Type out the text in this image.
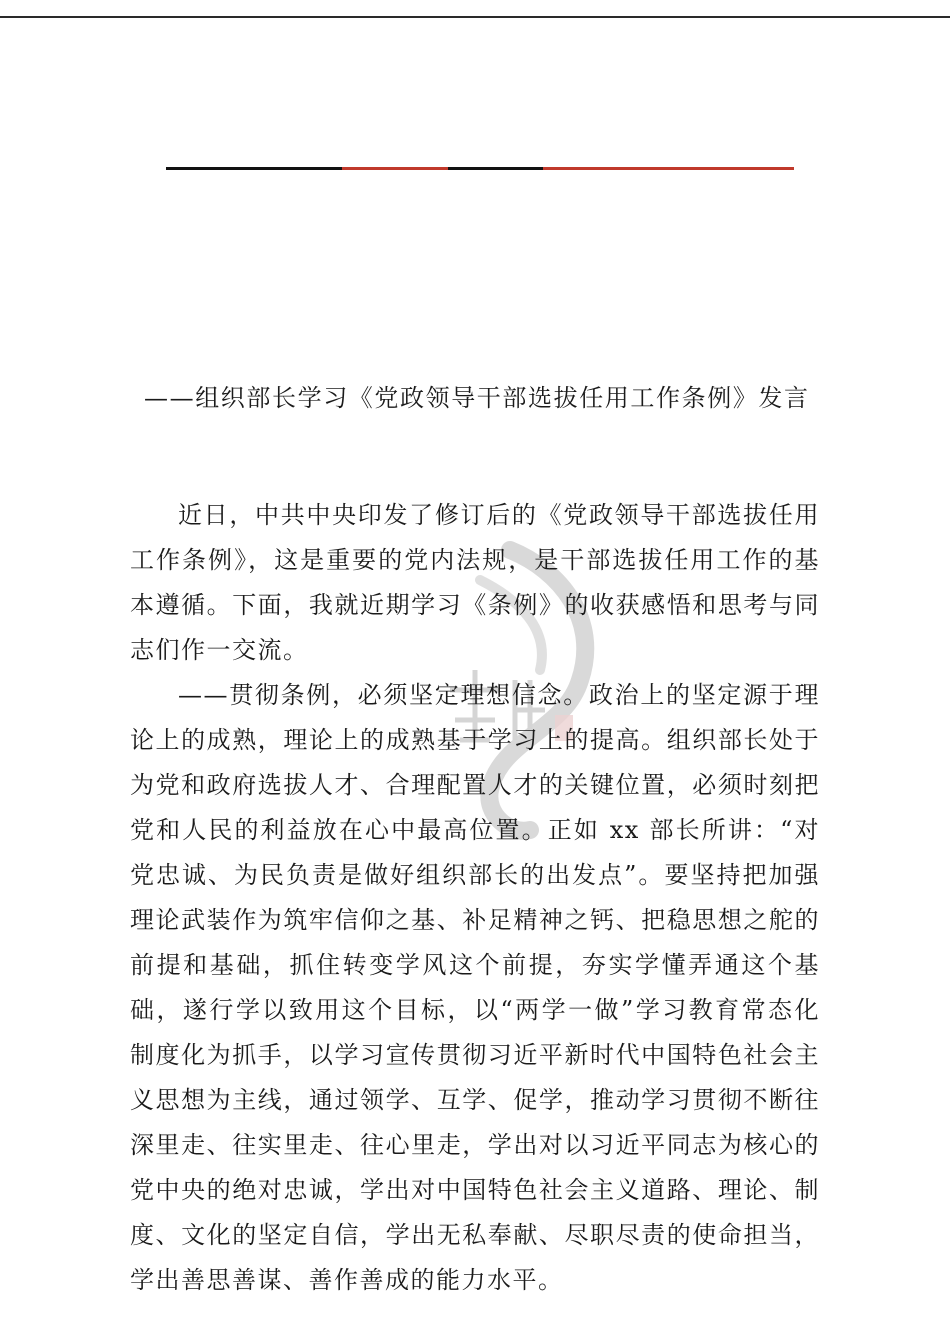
——组织部长学习《党政领导干部选拔任用工作条例》发言

近日，中共中央印发了修订后的《党政领导干部选拔任用工作条例》，这是重要的党内法规，是干部选拔任用工作的基本遵循。下面，我就近期学习《条例》的收获感悟和思考与同志们作一交流。

——贯彻条例，必须坚定理想信念。政治上的坚定源于理论上的成熟，理论上的成熟基于学习上的提高。组织部长处于为党和政府选拔人才、合理配置人才的关键位置，必须时刻把党和人民的利益放在心中最高位置。正如 xx 部长所讲：“对党忠诚、为民负责是做好组织部长的出发点”。要坚持把加强理论武装作为筑牢信仰之基、补足精神之钙、把稳思想之舵的前提和基础，抓住转变学风这个前提，夯实学懂弄通这个基础，遂行学以致用这个目标，以“两学一做”学习教育常态化制度化为抓手，以学习宣传贯彻习近平新时代中国特色社会主义思想为主线，通过领学、互学、促学，推动学习贯彻不断往深里走、往实里走、往心里走，学出对以习近平同志为核心的党中央的绝对忠诚，学出对中国特色社会主义道路、理论、制度、文化的坚定自信，学出无私奉献、尽职尽责的使命担当，学出善思善谋、善作善成的能力水平。
